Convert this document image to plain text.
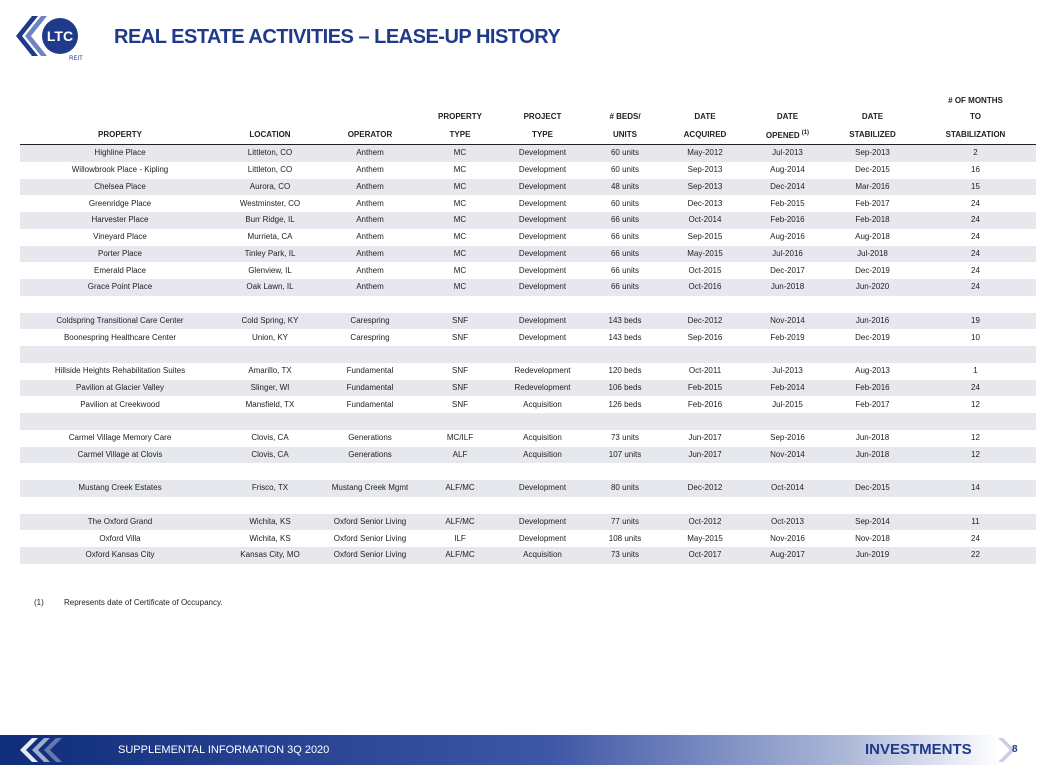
LTC
REIT
REAL ESTATE ACTIVITIES – LEASE-UP HISTORY
									# OF MONTHS
			PROPERTY	PROJECT	# BEDS/	DATE	DATE	DATE	TO
PROPERTY	LOCATION	OPERATOR	TYPE	TYPE	UNITS	ACQUIRED	OPENED $^{(1)}$	STABILIZED	STABILIZATION
Highline Place	Littleton, CO	Anthem	MC	Development	60 units	May-2012	Jul-2013	Sep-2013	2
Willowbrook Place - Kipling	Littleton, CO	Anthem	MC	Development	60 units	Sep-2013	Aug-2014	Dec-2015	16
Chelsea Place	Aurora, CO	Anthem	MC	Development	48 units	Sep-2013	Dec-2014	Mar-2016	15
Greenridge Place	Westminster, CO	Anthem	MC	Development	60 units	Dec-2013	Feb-2015	Feb-2017	24
Harvester Place	Burr Ridge, IL	Anthem	MC	Development	66 units	Oct-2014	Feb-2016	Feb-2018	24
Vineyard Place	Murrieta, CA	Anthem	MC	Development	66 units	Sep-2015	Aug-2016	Aug-2018	24
Porter Place	Tinley Park, IL	Anthem	MC	Development	66 units	May-2015	Jul-2016	Jul-2018	24
Emerald Place	Glenview, IL	Anthem	MC	Development	66 units	Oct-2015	Dec-2017	Dec-2019	24
Grace Point Place	Oak Lawn, IL	Anthem	MC	Development	66 units	Oct-2016	Jun-2018	Jun-2020	24

Coldspring Transitional Care Center	Cold Spring, KY	Carespring	SNF	Development	143 beds	Dec-2012	Nov-2014	Jun-2016	19
Boonespring Healthcare Center	Union, KY	Carespring	SNF	Development	143 beds	Sep-2016	Feb-2019	Dec-2019	10

Hillside Heights Rehabilitation Suites	Amarillo, TX	Fundamental	SNF	Redevelopment	120 beds	Oct-2011	Jul-2013	Aug-2013	1
Pavilion at Glacier Valley	Slinger, WI	Fundamental	SNF	Redevelopment	106 beds	Feb-2015	Feb-2014	Feb-2016	24
Pavilion at Creekwood	Mansfield, TX	Fundamental	SNF	Acquisition	126 beds	Feb-2016	Jul-2015	Feb-2017	12

Carmel Village Memory Care	Clovis, CA	Generations	MC/ILF	Acquisition	73 units	Jun-2017	Sep-2016	Jun-2018	12
Carmel Village at Clovis	Clovis, CA	Generations	ALF	Acquisition	107 units	Jun-2017	Nov-2014	Jun-2018	12

Mustang Creek Estates	Frisco, TX	Mustang Creek Mgmt	ALF/MC	Development	80 units	Dec-2012	Oct-2014	Dec-2015	14

The Oxford Grand	Wichita, KS	Oxford Senior Living	ALF/MC	Development	77 units	Oct-2012	Oct-2013	Sep-2014	11
Oxford Villa	Wichita, KS	Oxford Senior Living	ILF	Development	108 units	May-2015	Nov-2016	Nov-2018	24
Oxford Kansas City	Kansas City, MO	Oxford Senior Living	ALF/MC	Acquisition	73 units	Oct-2017	Aug-2017	Jun-2019	22
(1)	Represents date of Certificate of Occupancy.
SUPPLEMENTAL INFORMATION 3Q 2020	INVESTMENTS	8
